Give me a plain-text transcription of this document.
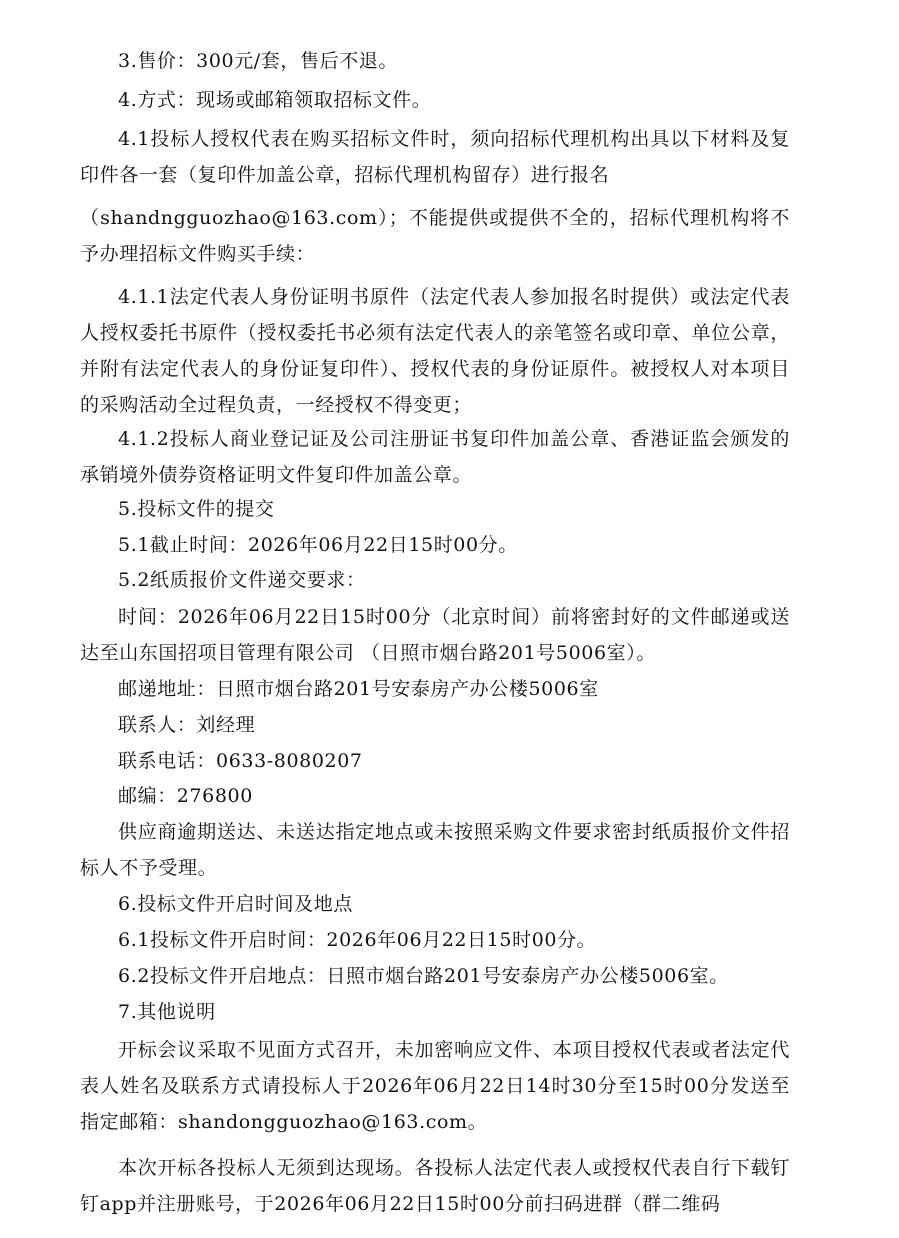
3.售价：300元/套，售后不退。

4.方式：现场或邮箱领取招标文件。

4.1投标人授权代表在购买招标文件时，须向招标代理机构出具以下材料及复印件各一套（复印件加盖公章，招标代理机构留存）进行报名

（shandngguozhao@163.com）；不能提供或提供不全的，招标代理机构将不予办理招标文件购买手续：

4.1.1法定代表人身份证明书原件（法定代表人参加报名时提供）或法定代表人授权委托书原件（授权委托书必须有法定代表人的亲笔签名或印章、单位公章，并附有法定代表人的身份证复印件）、授权代表的身份证原件。被授权人对本项目的采购活动全过程负责，一经授权不得变更；

4.1.2投标人商业登记证及公司注册证书复印件加盖公章、香港证监会颁发的承销境外债券资格证明文件复印件加盖公章。

5.投标文件的提交

5.1截止时间：2026年06月22日15时00分。

5.2纸质报价文件递交要求：

时间：2026年06月22日15时00分（北京时间）前将密封好的文件邮递或送达至山东国招项目管理有限公司 （日照市烟台路201号5006室）。

邮递地址：日照市烟台路201号安泰房产办公楼5006室

联系人：刘经理

联系电话：0633-8080207

邮编：276800

供应商逾期送达、未送达指定地点或未按照采购文件要求密封纸质报价文件招标人不予受理。

6.投标文件开启时间及地点

6.1投标文件开启时间：2026年06月22日15时00分。

6.2投标文件开启地点：日照市烟台路201号安泰房产办公楼5006室。

7.其他说明

开标会议采取不见面方式召开，未加密响应文件、本项目授权代表或者法定代表人姓名及联系方式请投标人于2026年06月22日14时30分至15时00分发送至指定邮箱：shandongguozhao@163.com。

本次开标各投标人无须到达现场。各投标人法定代表人或授权代表自行下载钉钉app并注册账号，于2026年06月22日15时00分前扫码进群（群二维码
